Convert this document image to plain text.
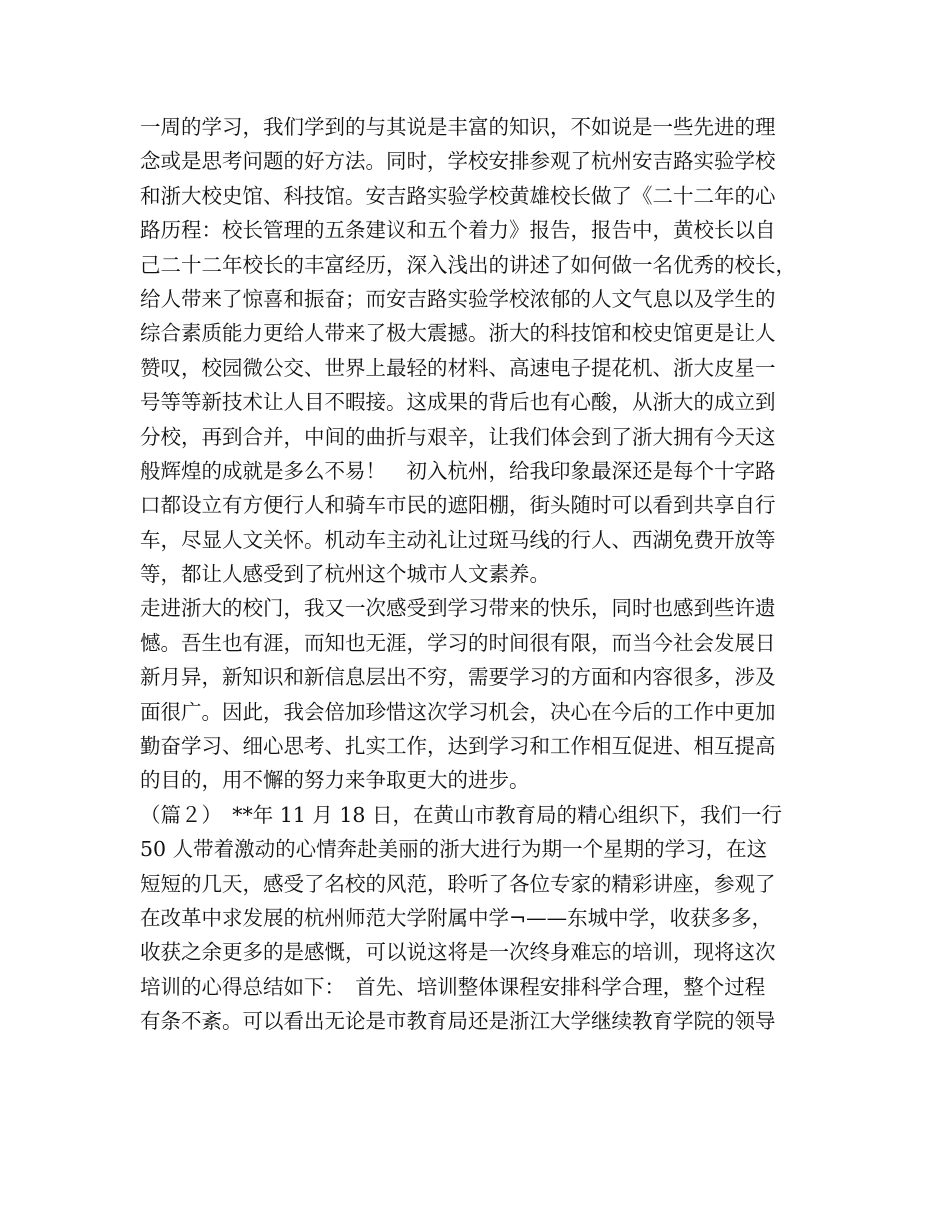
一周的学习，我们学到的与其说是丰富的知识，不如说是一些先进的理
念或是思考问题的好方法。同时，学校安排参观了杭州安吉路实验学校
和浙大校史馆、科技馆。安吉路实验学校黄雄校长做了《二十二年的心
路历程：校长管理的五条建议和五个着力》报告，报告中，黄校长以自
己二十二年校长的丰富经历，深入浅出的讲述了如何做一名优秀的校长，
给人带来了惊喜和振奋；而安吉路实验学校浓郁的人文气息以及学生的
综合素质能力更给人带来了极大震撼。浙大的科技馆和校史馆更是让人
赞叹，校园微公交、世界上最轻的材料、高速电子提花机、浙大皮星一
号等等新技术让人目不暇接。这成果的背后也有心酸，从浙大的成立到
分校，再到合并，中间的曲折与艰辛，让我们体会到了浙大拥有今天这
般辉煌的成就是多么不易！　初入杭州，给我印象最深还是每个十字路
口都设立有方便行人和骑车市民的遮阳棚，街头随时可以看到共享自行
车，尽显人文关怀。机动车主动礼让过斑马线的行人、西湖免费开放等
等，都让人感受到了杭州这个城市人文素养。
走进浙大的校门，我又一次感受到学习带来的快乐，同时也感到些许遗
憾。吾生也有涯，而知也无涯，学习的时间很有限，而当今社会发展日
新月异，新知识和新信息层出不穷，需要学习的方面和内容很多，涉及
面很广。因此，我会倍加珍惜这次学习机会，决心在今后的工作中更加
勤奋学习、细心思考、扎实工作，达到学习和工作相互促进、相互提高
的目的，用不懈的努力来争取更大的进步。
（篇２）　**年 11 月 18 日，在黄山市教育局的精心组织下，我们一行
50 人带着激动的心情奔赴美丽的浙大进行为期一个星期的学习，在这
短短的几天，感受了名校的风范，聆听了各位专家的精彩讲座，参观了
在改革中求发展的杭州师范大学附属中学¬——东城中学，收获多多，
收获之余更多的是感慨，可以说这将是一次终身难忘的培训，现将这次
培训的心得总结如下：　首先、培训整体课程安排科学合理，整个过程
有条不紊。可以看出无论是市教育局还是浙江大学继续教育学院的领导
